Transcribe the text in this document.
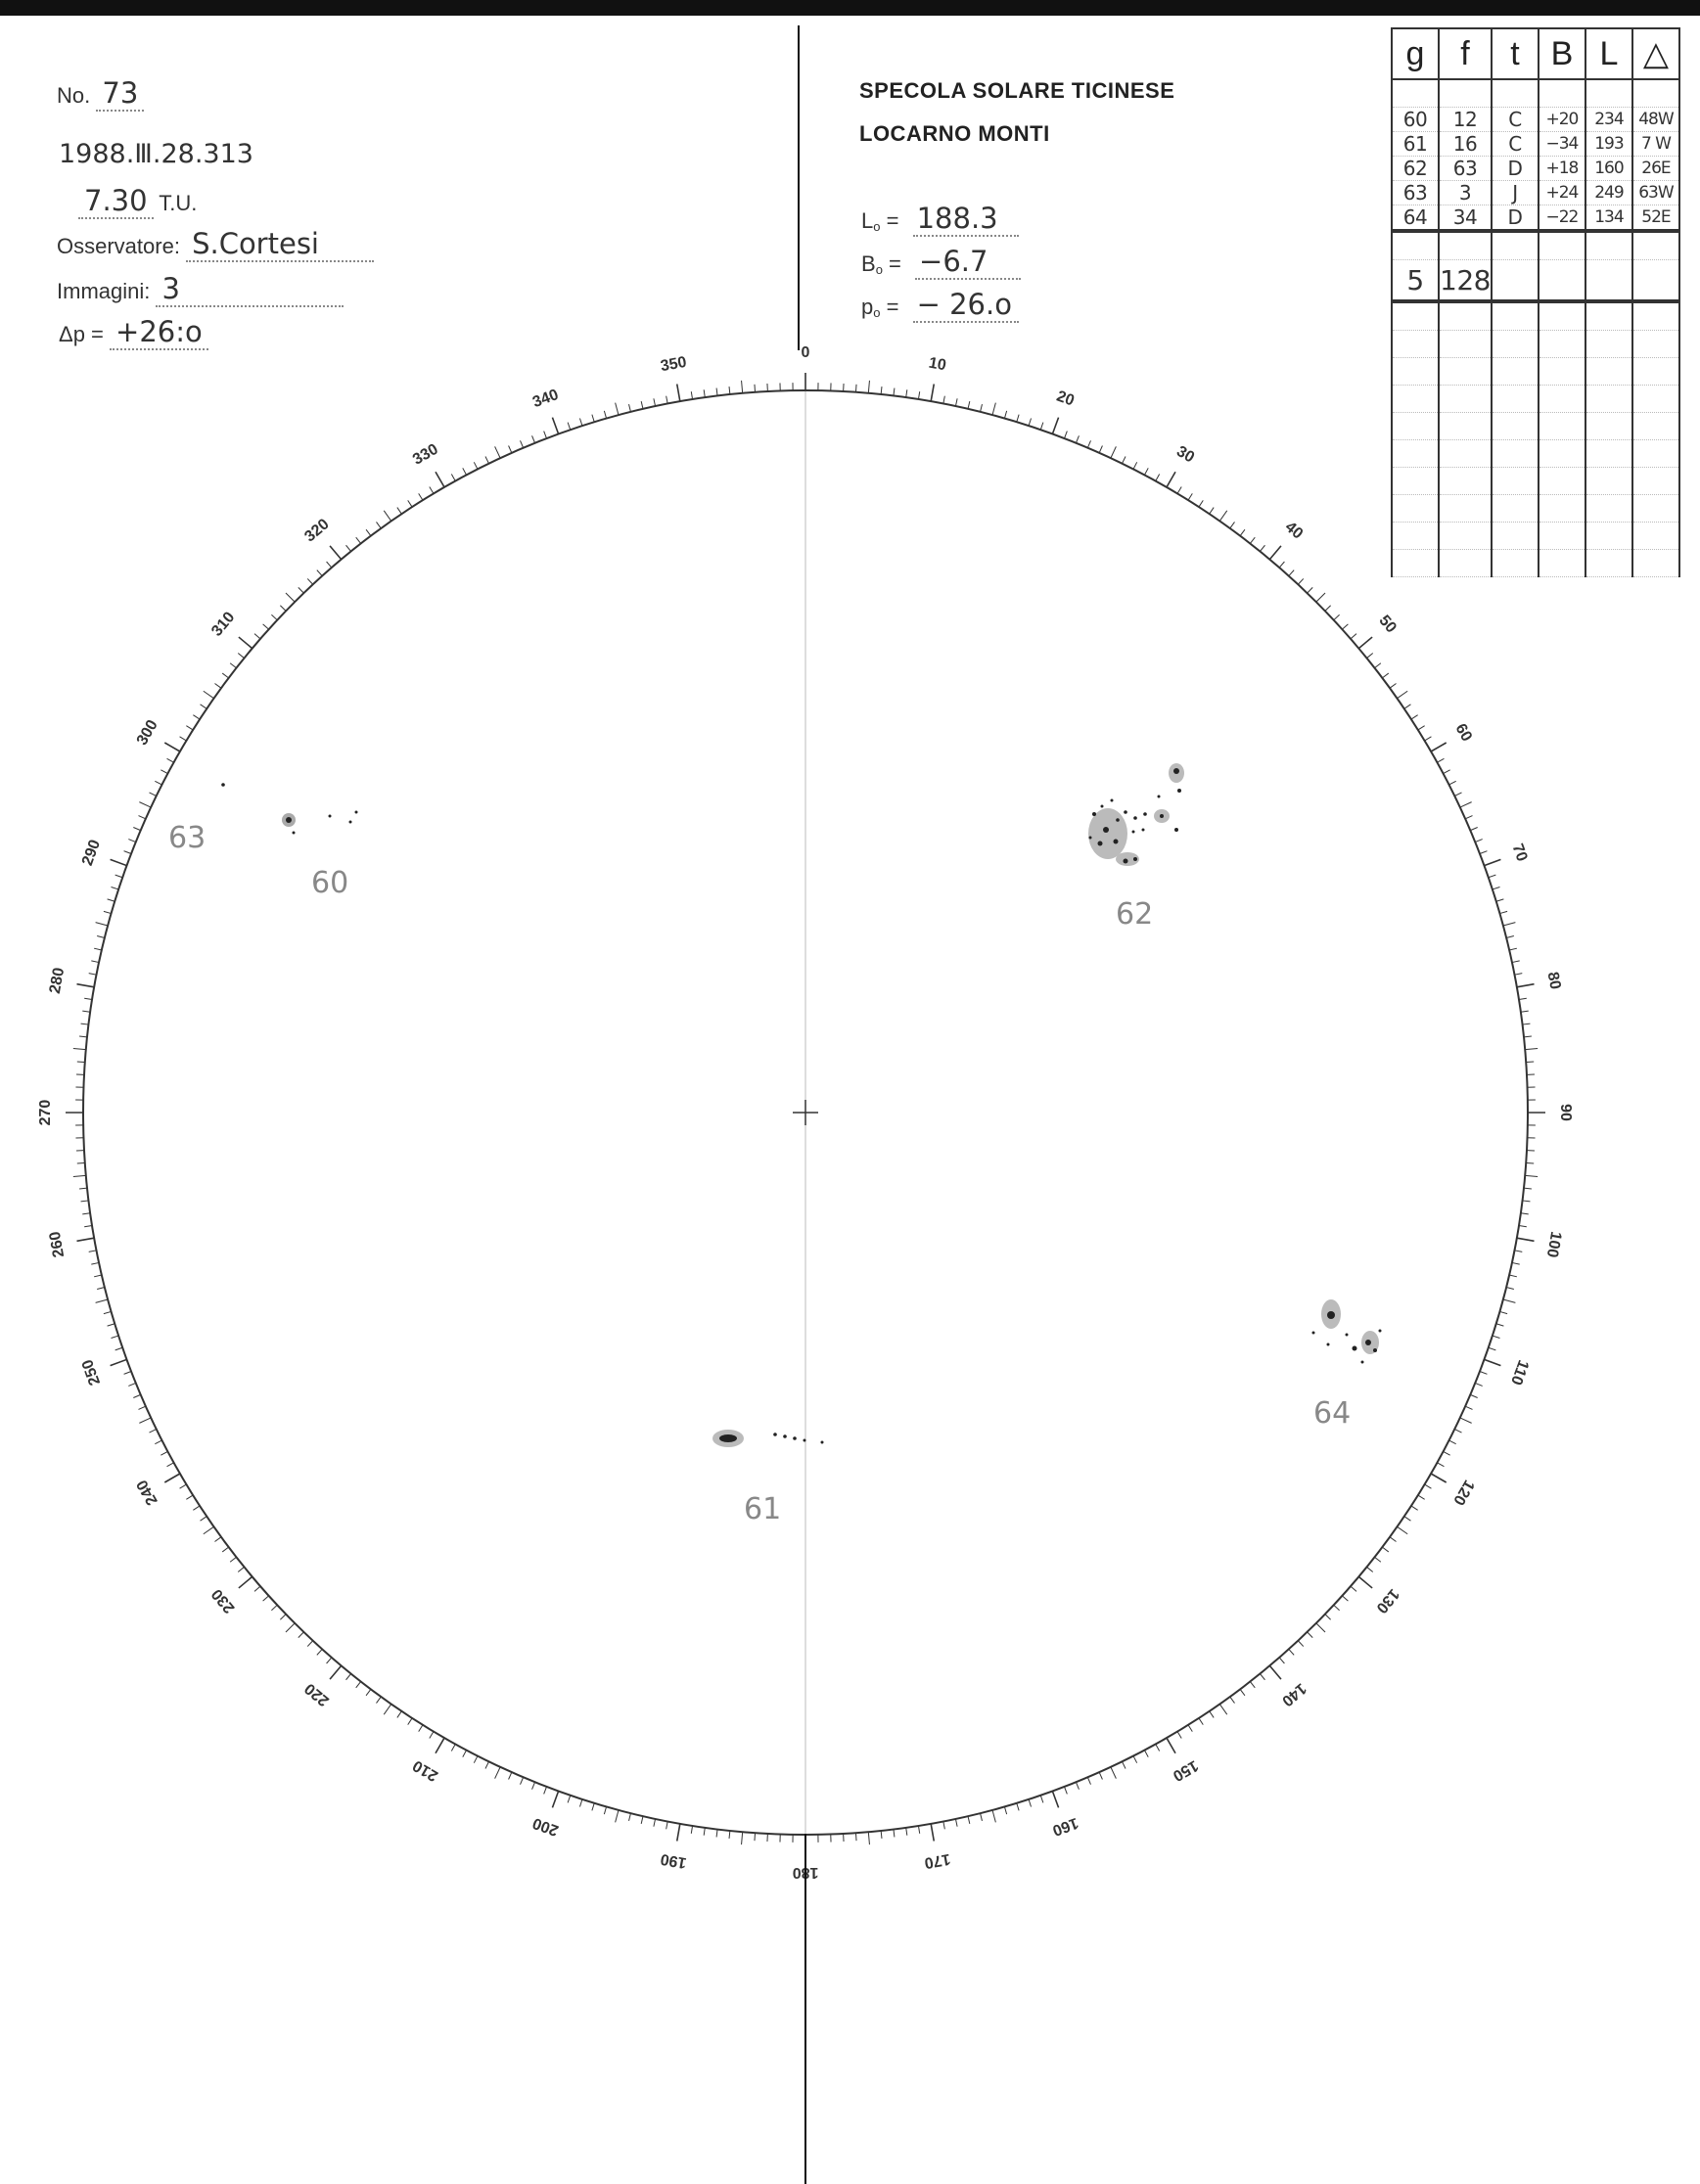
No. 73
1988.Ⅲ.28.313
7.30 T.U.
Osservatore: S.Cortesi
Immagini: 3
Δp = +26:o
SPECOLA SOLARE TICINESE
LOCARNO MONTI
$L_o = 188.3$
$B_o = -6.7$
$p_o$ = − 26.o
g	f	t	B	L	△

60	12	C	+20	234	48W
61	16	C	−34	193	7 W
62	63	D	+18	160	26E
63	3	J	+24	249	63W
64	34	D	−22	134	52E

5	128				

0
10
20
30
40
50
60
70
80
90
100
110
120
130
140
150
160
170
180
190
200
210
220
230
240
250
260
270
280
290
300
310
320
330
340
350
60
63
62
64
61
